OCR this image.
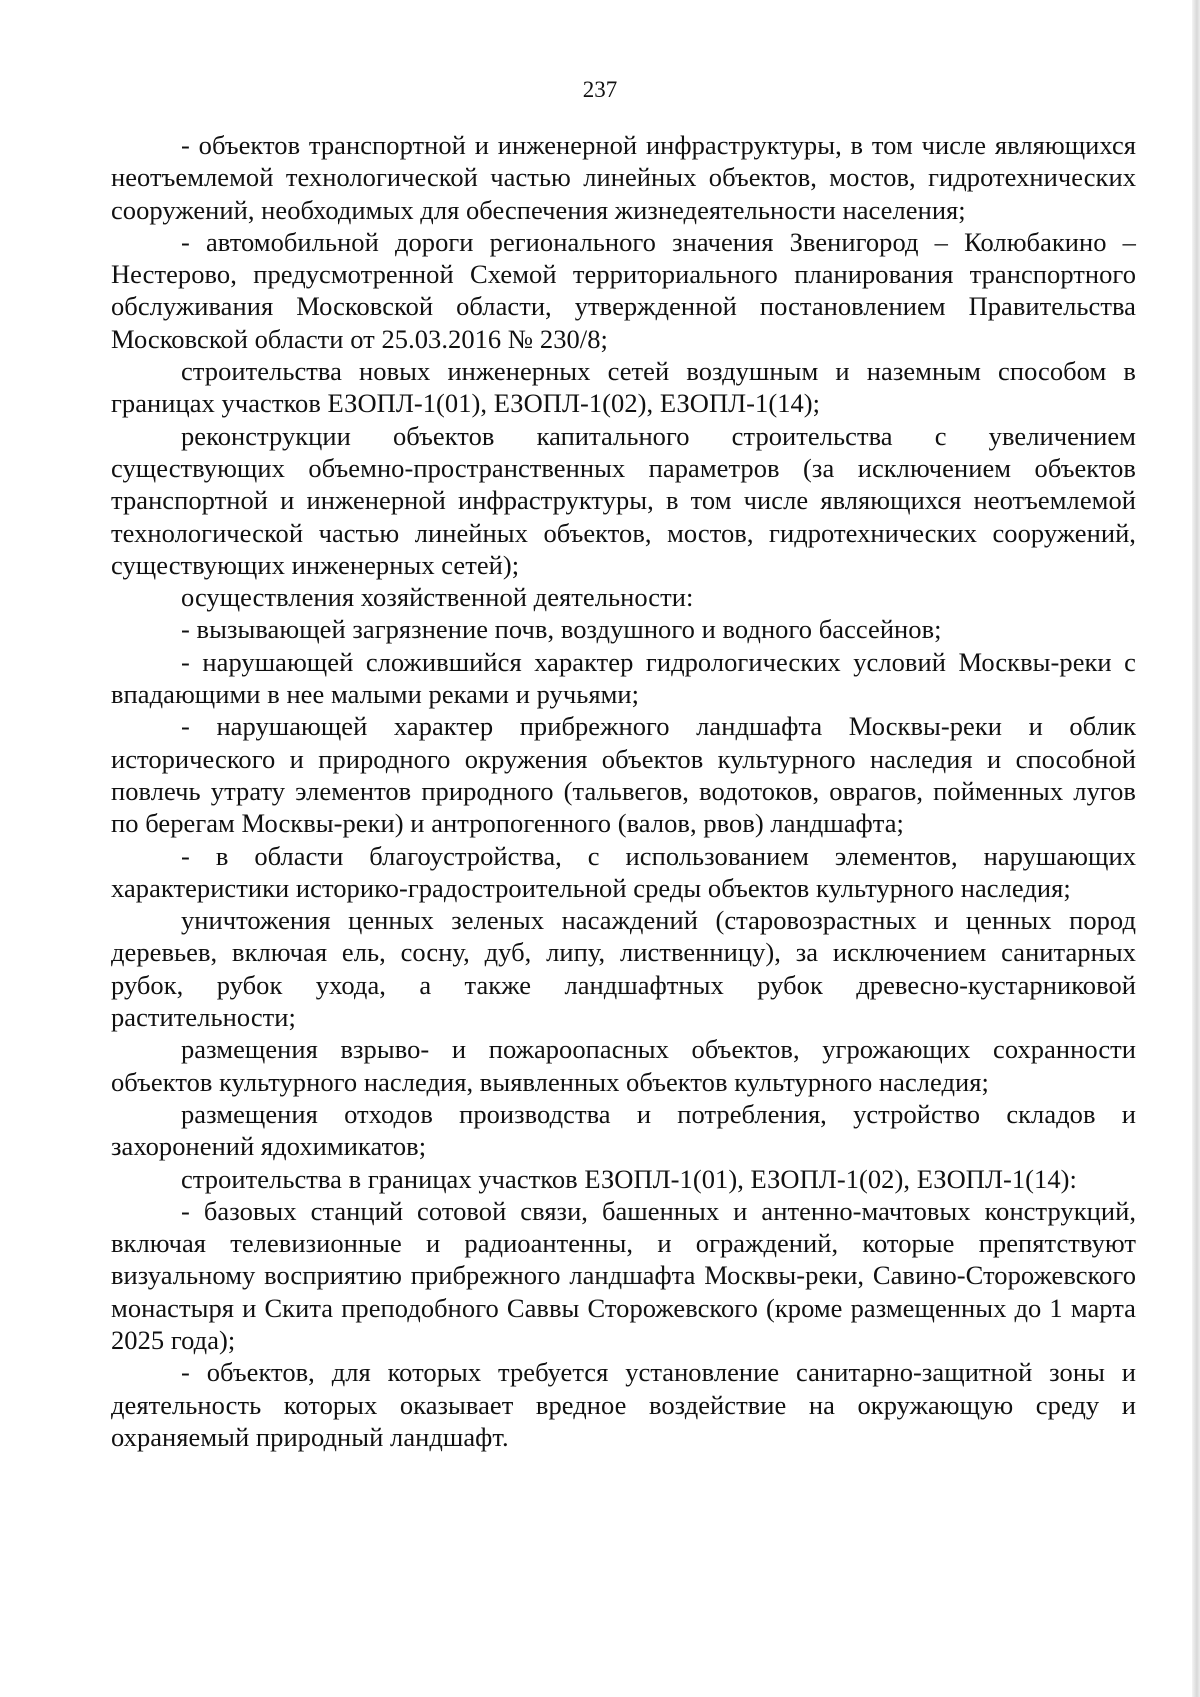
237

- объектов транспортной и инженерной инфраструктуры, в том числе являющихся неотъемлемой технологической частью линейных объектов, мостов, гидротехнических сооружений, необходимых для обеспечения жизнедеятельности населения;

- автомобильной дороги регионального значения Звенигород – Колюбакино – Нестерово, предусмотренной Схемой территориального планирования транспортного обслуживания Московской области, утвержденной постановлением Правительства Московской области от 25.03.2016 № 230/8;

строительства новых инженерных сетей воздушным и наземным способом в границах участков ЕЗОПЛ-1(01), ЕЗОПЛ-1(02), ЕЗОПЛ-1(14);

реконструкции объектов капитального строительства с увеличением существующих объемно-пространственных параметров (за исключением объектов транспортной и инженерной инфраструктуры, в том числе являющихся неотъемлемой технологической частью линейных объектов, мостов, гидротехнических сооружений, существующих инженерных сетей);

осуществления хозяйственной деятельности:

- вызывающей загрязнение почв, воздушного и водного бассейнов;

- нарушающей сложившийся характер гидрологических условий Москвы-реки с впадающими в нее малыми реками и ручьями;

- нарушающей характер прибрежного ландшафта Москвы-реки и облик исторического и природного окружения объектов культурного наследия и способной повлечь утрату элементов природного (тальвегов, водотоков, оврагов, пойменных лугов по берегам Москвы-реки) и антропогенного (валов, рвов) ландшафта;

- в области благоустройства, с использованием элементов, нарушающих характеристики историко-градостроительной среды объектов культурного наследия;

уничтожения ценных зеленых насаждений (старовозрастных и ценных пород деревьев, включая ель, сосну, дуб, липу, лиственницу), за исключением санитарных рубок, рубок ухода, а также ландшафтных рубок древесно-кустарниковой растительности;

размещения взрыво- и пожароопасных объектов, угрожающих сохранности объектов культурного наследия, выявленных объектов культурного наследия;

размещения отходов производства и потребления, устройство складов и захоронений ядохимикатов;

строительства в границах участков ЕЗОПЛ-1(01), ЕЗОПЛ-1(02), ЕЗОПЛ-1(14):

- базовых станций сотовой связи, башенных и антенно-мачтовых конструкций, включая телевизионные и радиоантенны, и ограждений, которые препятствуют визуальному восприятию прибрежного ландшафта Москвы-реки, Савино-Сторожевского монастыря и Скита преподобного Саввы Сторожевского (кроме размещенных до 1 марта 2025 года);

- объектов, для которых требуется установление санитарно-защитной зоны и деятельность которых оказывает вредное воздействие на окружающую среду и охраняемый природный ландшафт.
